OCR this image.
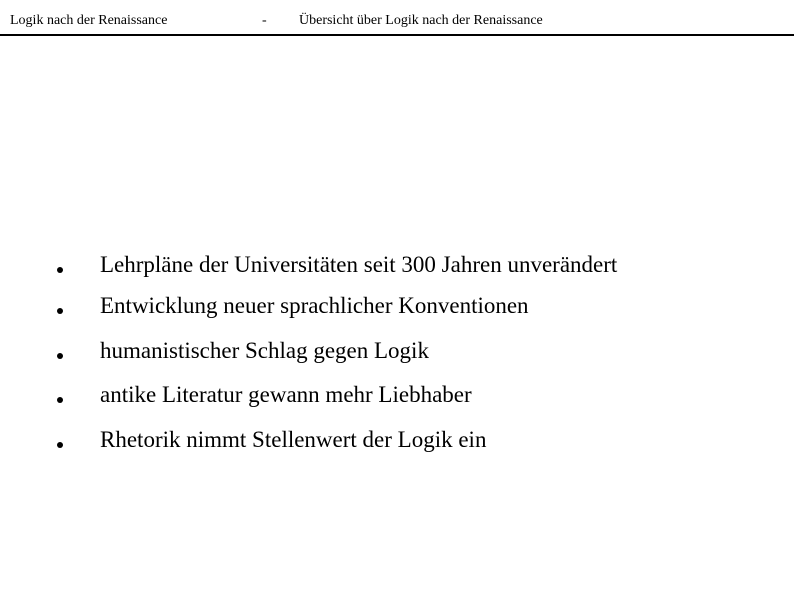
Logik nach der Renaissance	- Übersicht über Logik nach der Renaissance
Lehrpläne der Universitäten seit 300 Jahren unverändert
Entwicklung neuer sprachlicher Konventionen
humanistischer Schlag gegen Logik
antike Literatur gewann mehr Liebhaber
Rhetorik nimmt Stellenwert der Logik ein
